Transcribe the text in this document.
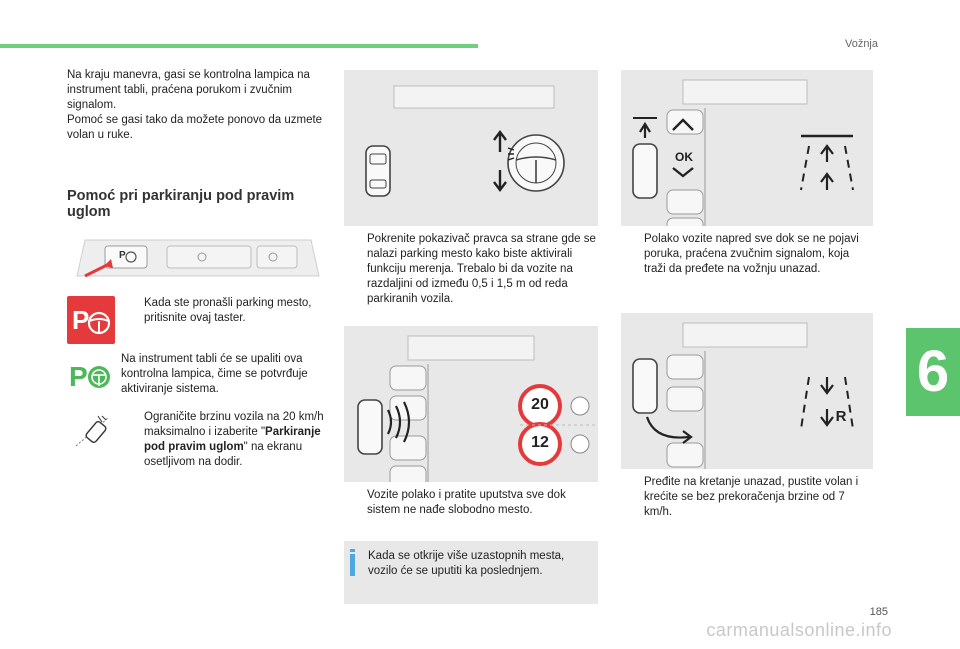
Vožnja
6
185
carmanualsonline.info
Na kraju manevra, gasi se kontrolna lampica na instrument tabli, praćena porukom i zvučnim signalom.
Pomoć se gasi tako da možete ponovo da uzmete volan u ruke.
Pomoć pri parkiranju pod pravim uglom
P
P
Kada ste pronašli parking mesto, pritisnite ovaj taster.
P
Na instrument tabli će se upaliti ova kontrolna lampica, čime se potvrđuje aktiviranje sistema.
Ograničite brzinu vozila na 20 km/h maksimalno i izaberite "Parkiranje pod pravim uglom" na ekranu osetljivom na dodir.
Pokrenite pokazivač pravca sa strane gde se nalazi parking mesto kako biste aktivirali funkciju merenja. Trebalo bi da vozite na razdaljini od između 0,5 i 1,5 m od reda parkiranih vozila.
20
12
Vozite polako i pratite uputstva sve dok sistem ne nađe slobodno mesto.
Kada se otkrije više uzastopnih mesta, vozilo će se uputiti ka poslednjem.
OK
Polako vozite napred sve dok se ne pojavi poruka, praćena zvučnim signalom, koja traži da pređete na vožnju unazad.
R
Pređite na kretanje unazad, pustite volan i krećite se bez prekoračenja brzine od 7 km/h.
